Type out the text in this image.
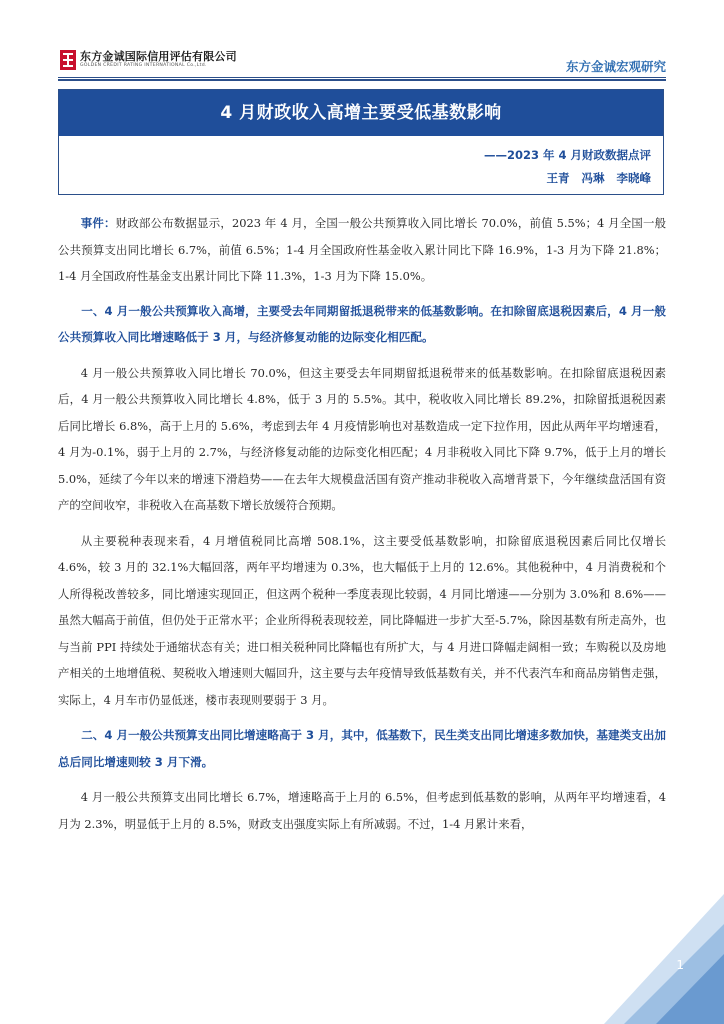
东方金诚国际信用评估有限公司
GOLDEN CREDIT RATING INTERNATIONAL Co.,Ltd.	东方金诚宏观研究
4 月财政收入高增主要受低基数影响
——2023 年 4 月财政数据点评
王青 冯琳 李晓峰

事件：财政部公布数据显示，2023 年 4 月，全国一般公共预算收入同比增长 70.0%，前值 5.5%；4 月全国一般公共预算支出同比增长 6.7%，前值 6.5%；1-4 月全国政府性基金收入累计同比下降 16.9%，1-3 月为下降 21.8%；1-4 月全国政府性基金支出累计同比下降 11.3%，1-3 月为下降 15.0%。

一、4 月一般公共预算收入高增，主要受去年同期留抵退税带来的低基数影响。在扣除留底退税因素后，4 月一般公共预算收入同比增速略低于 3 月，与经济修复动能的边际变化相匹配。

4 月一般公共预算收入同比增长 70.0%，但这主要受去年同期留抵退税带来的低基数影响。在扣除留底退税因素后，4 月一般公共预算收入同比增长 4.8%，低于 3 月的 5.5%。其中，税收收入同比增长 89.2%，扣除留抵退税因素后同比增长 6.8%，高于上月的 5.6%，考虑到去年 4 月疫情影响也对基数造成一定下拉作用，因此从两年平均增速看，4 月为-0.1%，弱于上月的 2.7%，与经济修复动能的边际变化相匹配；4 月非税收入同比下降 9.7%，低于上月的增长 5.0%，延续了今年以来的增速下滑趋势——在去年大规模盘活国有资产推动非税收入高增背景下，今年继续盘活国有资产的空间收窄，非税收入在高基数下增长放缓符合预期。

从主要税种表现来看，4 月增值税同比高增 508.1%，这主要受低基数影响，扣除留底退税因素后同比仅增长 4.6%，较 3 月的 32.1%大幅回落，两年平均增速为 0.3%，也大幅低于上月的 12.6%。其他税种中，4 月消费税和个人所得税改善较多，同比增速实现回正，但这两个税种一季度表现比较弱，4 月同比增速——分别为 3.0%和 8.6%——虽然大幅高于前值，但仍处于正常水平；企业所得税表现较差，同比降幅进一步扩大至-5.7%，除因基数有所走高外，也与当前 PPI 持续处于通缩状态有关；进口相关税种同比降幅也有所扩大，与 4 月进口降幅走阔相一致；车购税以及房地产相关的土地增值税、契税收入增速则大幅回升，这主要与去年疫情导致低基数有关，并不代表汽车和商品房销售走强，实际上，4 月车市仍显低迷，楼市表现则要弱于 3 月。

二、4 月一般公共预算支出同比增速略高于 3 月，其中，低基数下，民生类支出同比增速多数加快，基建类支出加总后同比增速则较 3 月下滑。

4 月一般公共预算支出同比增长 6.7%，增速略高于上月的 6.5%，但考虑到低基数的影响，从两年平均增速看，4 月为 2.3%，明显低于上月的 8.5%，财政支出强度实际上有所减弱。不过，1-4 月累计来看，

1
